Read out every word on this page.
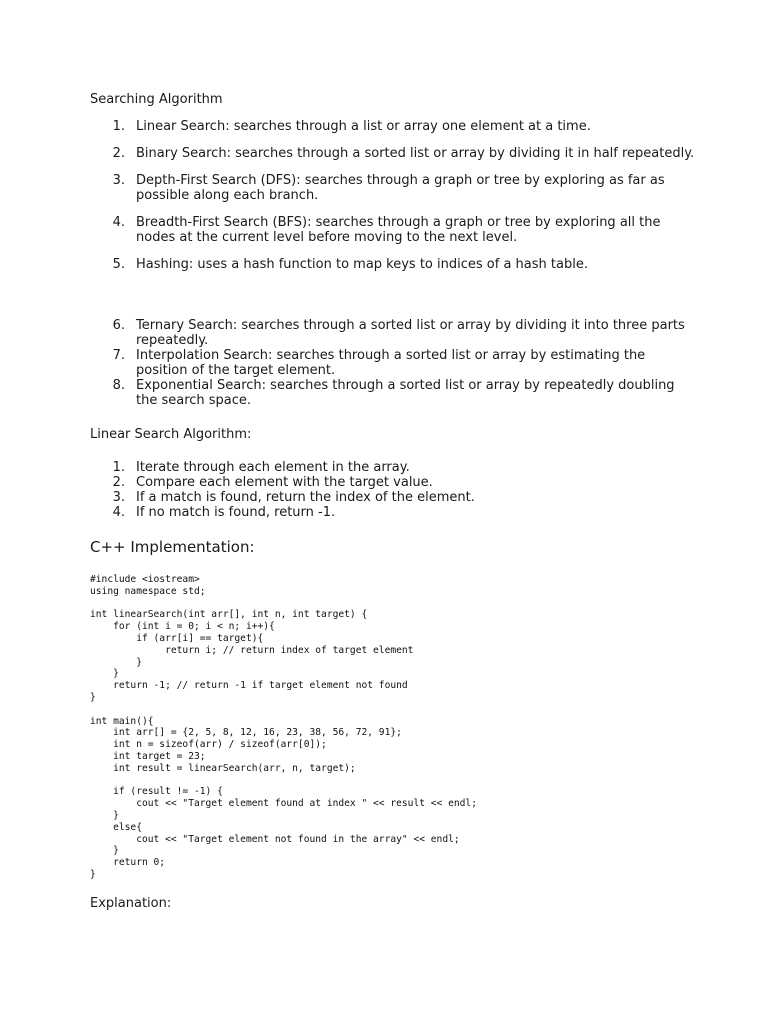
Searching Algorithm
1. Linear Search: searches through a list or array one element at a time.
2. Binary Search: searches through a sorted list or array by dividing it in half repeatedly.
3. Depth-First Search (DFS): searches through a graph or tree by exploring as far as
possible along each branch.
4. Breadth-First Search (BFS): searches through a graph or tree by exploring all the
nodes at the current level before moving to the next level.
5. Hashing: uses a hash function to map keys to indices of a hash table.
6. Ternary Search: searches through a sorted list or array by dividing it into three parts
repeatedly.
7. Interpolation Search: searches through a sorted list or array by estimating the
position of the target element.
8. Exponential Search: searches through a sorted list or array by repeatedly doubling
the search space.
Linear Search Algorithm:
1. Iterate through each element in the array.
2. Compare each element with the target value.
3. If a match is found, return the index of the element.
4. If no match is found, return -1.
C++ Implementation:
#include <iostream>
using namespace std;

int linearSearch(int arr[], int n, int target) {
for (int i = 0; i < n; i++){
if (arr[i] == target){
return i; // return index of target element
}
}
return -1; // return -1 if target element not found
}

int main(){
int arr[] = {2, 5, 8, 12, 16, 23, 38, 56, 72, 91};
int n = sizeof(arr) / sizeof(arr[0]);
int target = 23;
int result = linearSearch(arr, n, target);

if (result != -1) {
cout << "Target element found at index " << result << endl;
}
else{
cout << "Target element not found in the array" << endl;
}
return 0;
}
Explanation:
